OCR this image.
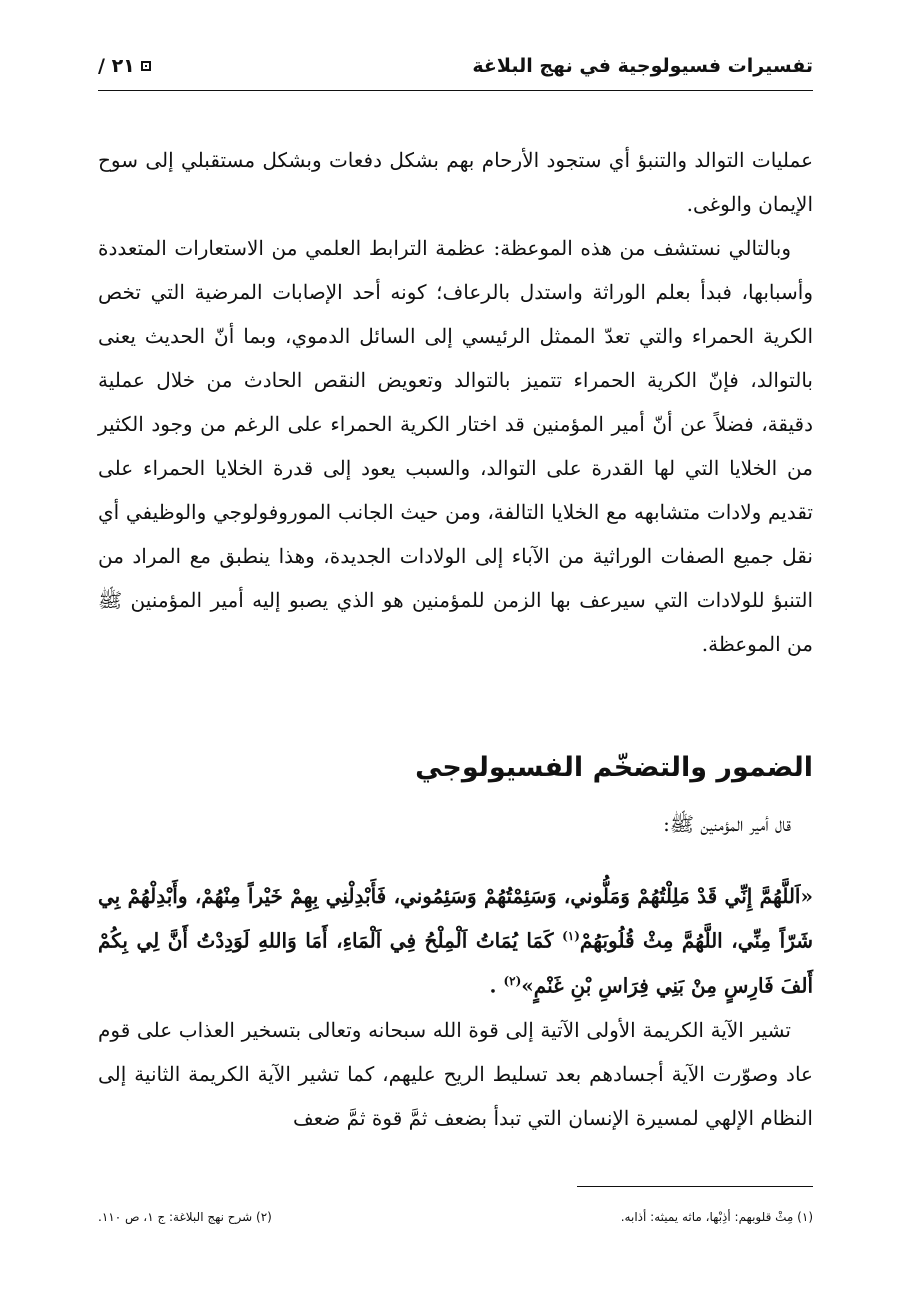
تفسيرات فسيولوجية في نهج البلاغة
٢١ /

عمليات التوالد والتنبؤ أي ستجود الأرحام بهم بشكل دفعات وبشكل مستقبلي إلى سوح الإيمان والوغى.

وبالتالي نستشف من هذه الموعظة: عظمة الترابط العلمي من الاستعارات المتعددة وأسبابها، فبدأ بعلم الوراثة واستدل بالرعاف؛ كونه أحد الإصابات المرضية التي تخص الكرية الحمراء والتي تعدّ الممثل الرئيسي إلى السائل الدموي، وبما أنّ الحديث يعنى بالتوالد، فإنّ الكرية الحمراء تتميز بالتوالد وتعويض النقص الحادث من خلال عملية دقيقة، فضلاً عن أنّ أمير المؤمنين قد اختار الكرية الحمراء على الرغم من وجود الكثير من الخلايا التي لها القدرة على التوالد، والسبب يعود إلى قدرة الخلايا الحمراء على تقديم ولادات متشابهه مع الخلايا التالفة، ومن حيث الجانب الموروفولوجي والوظيفي أي نقل جميع الصفات الوراثية من الآباء إلى الولادات الجديدة، وهذا ينطبق مع المراد من التنبؤ للولادات التي سيرعف بها الزمن للمؤمنين هو الذي يصبو إليه أمير المؤمنين ﷺ من الموعظة.

الضمور والتضخّم الفسيولوجي
قال أمير المؤمنين ﷺ:

«اَللَّهُمَّ إِنِّي قَدْ مَلِلْتُهُمْ وَمَلُّوني، وَسَئِمْتُهُمْ وَسَئِمُوني، فَأَبْدِلْنِي بِهِمْ خَيْراً مِنْهُمْ، وأَبْدِلْهُمْ بِي شَرّاً مِنِّي، اللَّهُمَّ مِثْ قُلُوبَهُمْ$^{(١)}$ كَمَا يُمَاتُ اَلْمِلْحُ فِي اَلْمَاءِ، أَمَا وَاللهِ لَوَدِدْتُ أَنَّ لِي بِكُمْ أَلفَ فَارِسٍ مِنْ بَنِي فِرَاسِ بْنِ غَنْمٍ»$^{(٢)}$ .

تشير الآية الكريمة الأولى الآتية إلى قوة الله سبحانه وتعالى بتسخير العذاب على قوم عاد وصوّرت الآية أجسادهم بعد تسليط الريح عليهم، كما تشير الآية الكريمة الثانية إلى النظام الإلهي لمسيرة الإنسان التي تبدأ بضعف ثمَّ قوة ثمَّ ضعف

(١) مِثْ قلوبهم: أذِبْها، ماثه يميثه: أذابه.
(٢) شرح نهج البلاغة: ج ١، ص ١١٠.
